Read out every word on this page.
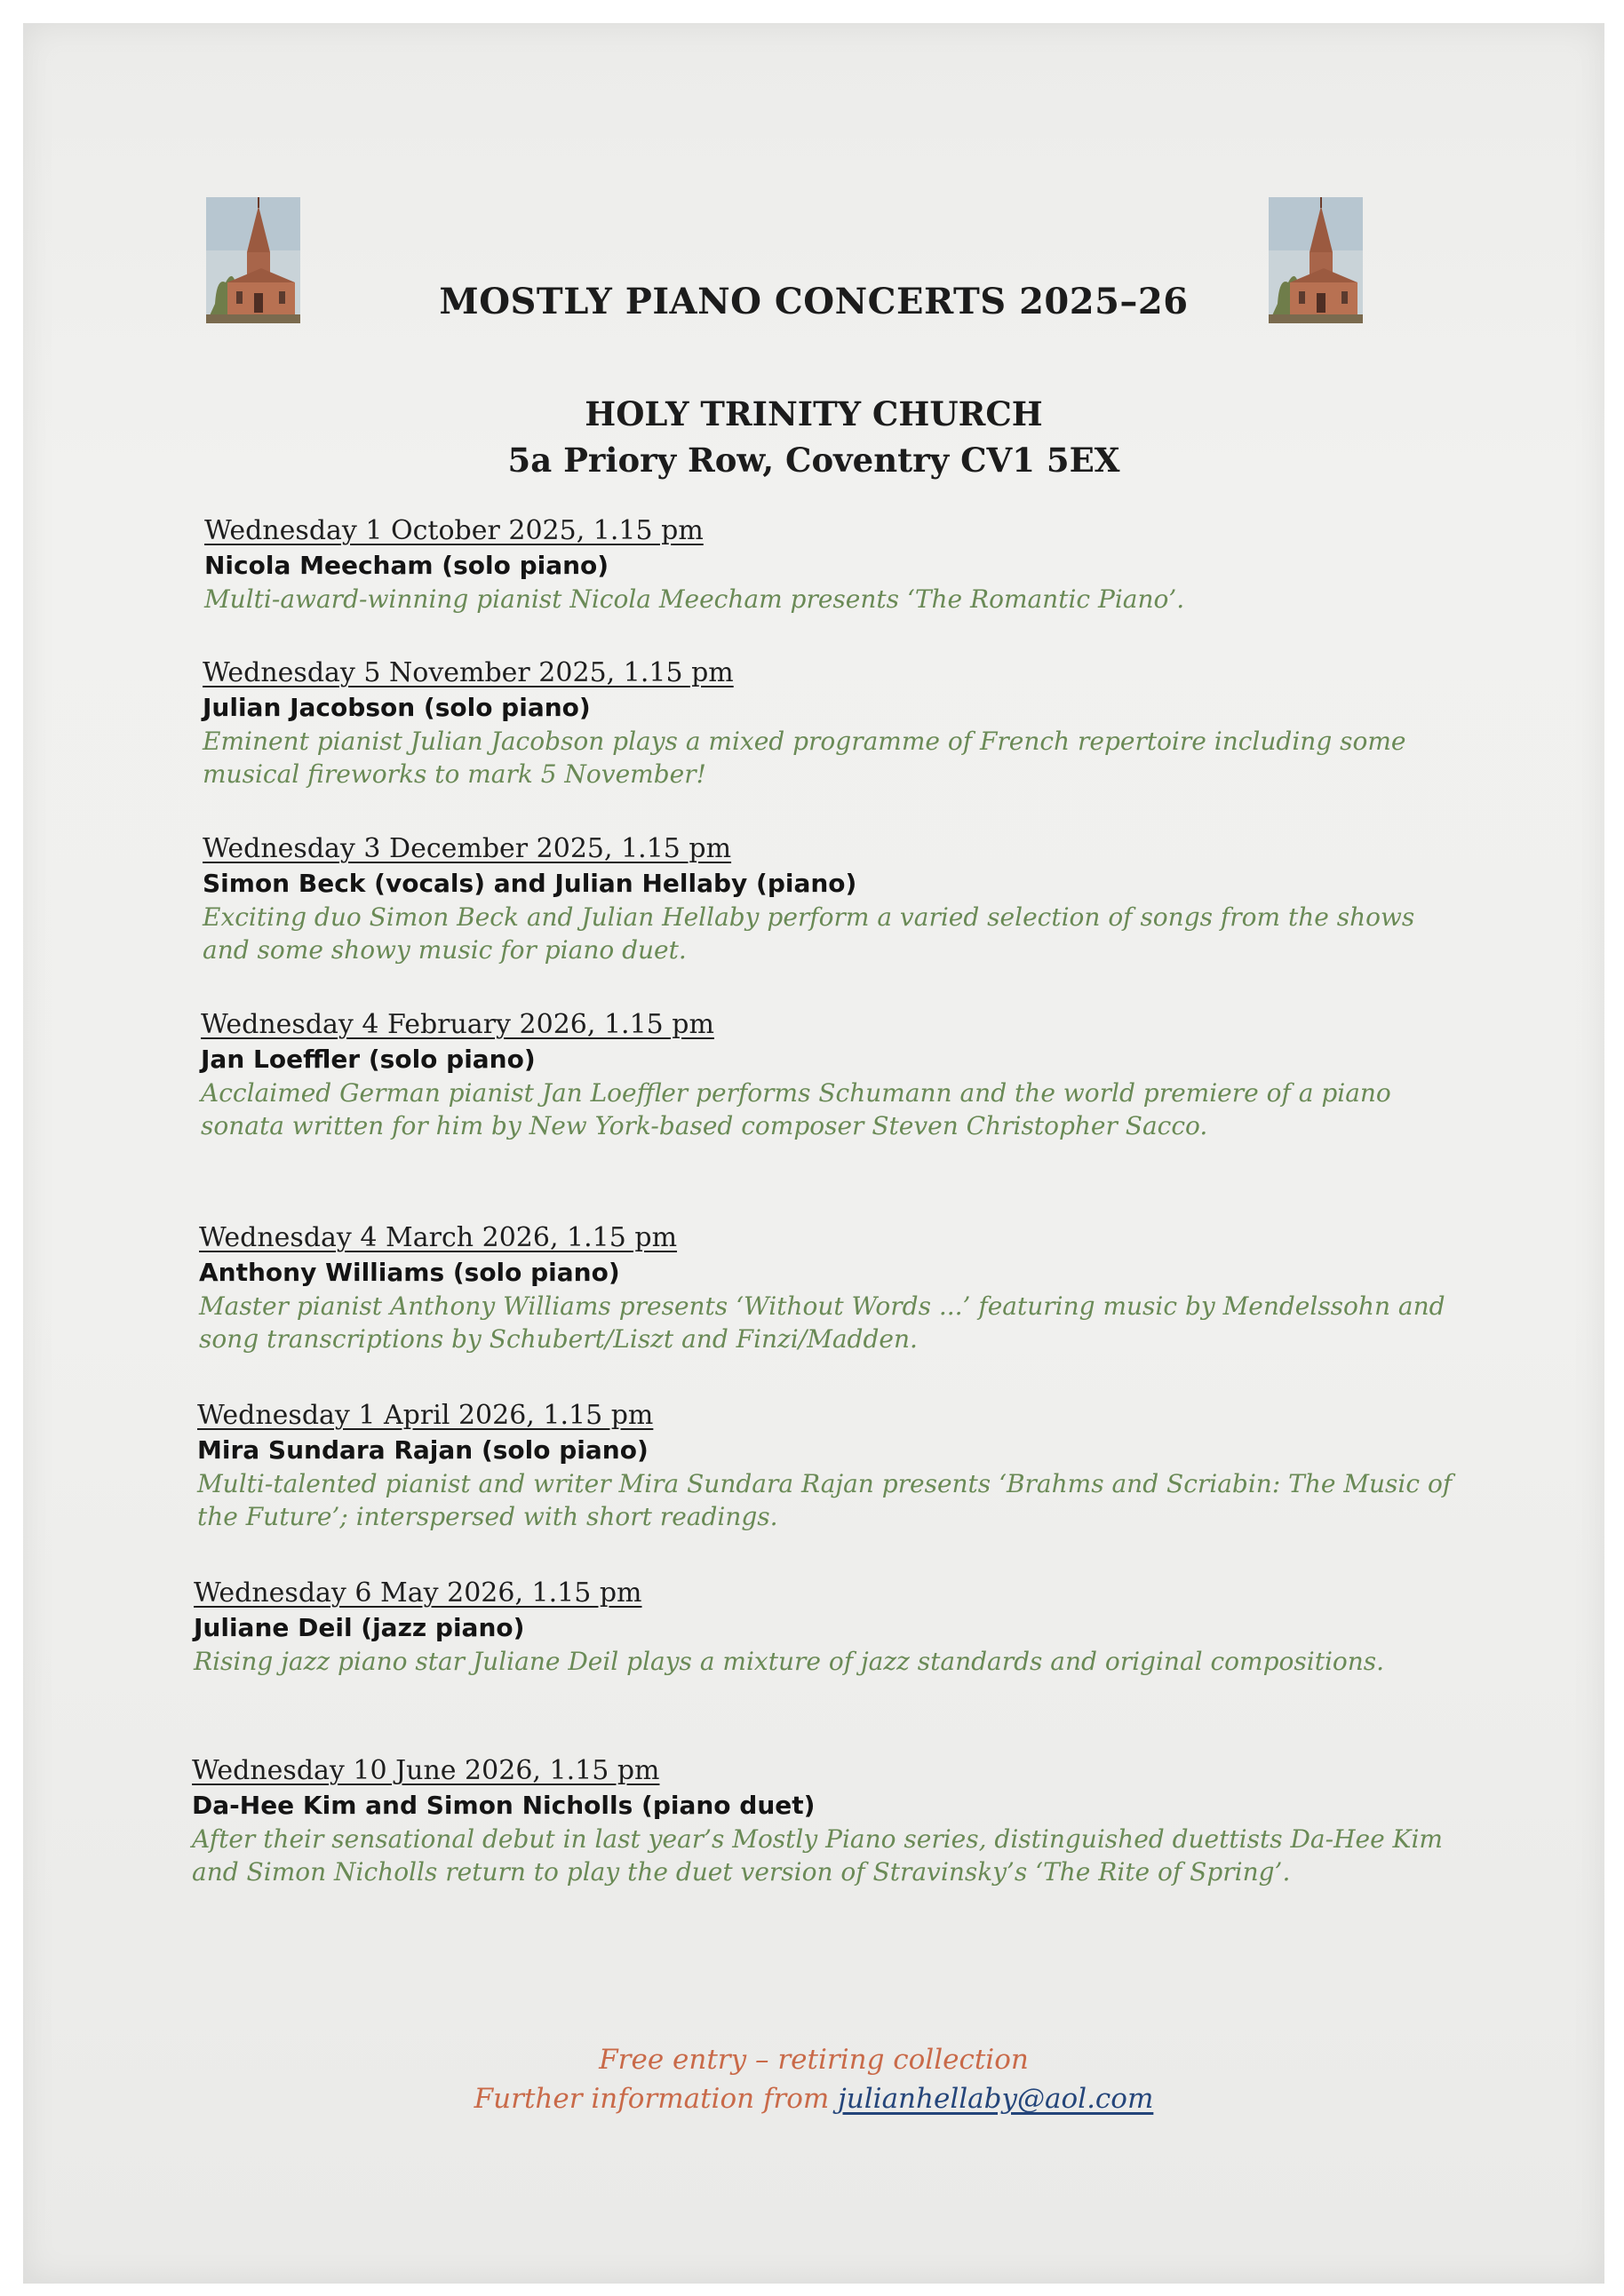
MOSTLY PIANO CONCERTS 2025–26
HOLY TRINITY CHURCH
5a Priory Row, Coventry CV1 5EX
Wednesday 1 October 2025, 1.15 pm
Nicola Meecham (solo piano)
Multi-award-winning pianist Nicola Meecham presents ‘The Romantic Piano’.
Wednesday 5 November 2025, 1.15 pm
Julian Jacobson (solo piano)
Eminent pianist Julian Jacobson plays a mixed programme of French repertoire including some musical fireworks to mark 5 November!
Wednesday 3 December 2025, 1.15 pm
Simon Beck (vocals) and Julian Hellaby (piano)
Exciting duo Simon Beck and Julian Hellaby perform a varied selection of songs from the shows and some showy music for piano duet.
Wednesday 4 February 2026, 1.15 pm
Jan Loeffler (solo piano)
Acclaimed German pianist Jan Loeffler performs Schumann and the world premiere of a piano sonata written for him by New York-based composer Steven Christopher Sacco.
Wednesday 4 March 2026, 1.15 pm
Anthony Williams (solo piano)
Master pianist Anthony Williams presents ‘Without Words ...’ featuring music by Mendelssohn and song transcriptions by Schubert/Liszt and Finzi/Madden.
Wednesday 1 April 2026, 1.15 pm
Mira Sundara Rajan (solo piano)
Multi-talented pianist and writer Mira Sundara Rajan presents ‘Brahms and Scriabin: The Music of the Future’; interspersed with short readings.
Wednesday 6 May 2026, 1.15 pm
Juliane Deil (jazz piano)
Rising jazz piano star Juliane Deil plays a mixture of jazz standards and original compositions.
Wednesday 10 June 2026, 1.15 pm
Da-Hee Kim and Simon Nicholls (piano duet)
After their sensational debut in last year’s Mostly Piano series, distinguished duettists Da-Hee Kim and Simon Nicholls return to play the duet version of Stravinsky’s ‘The Rite of Spring’.
Free entry – retiring collection
Further information from julianhellaby@aol.com
